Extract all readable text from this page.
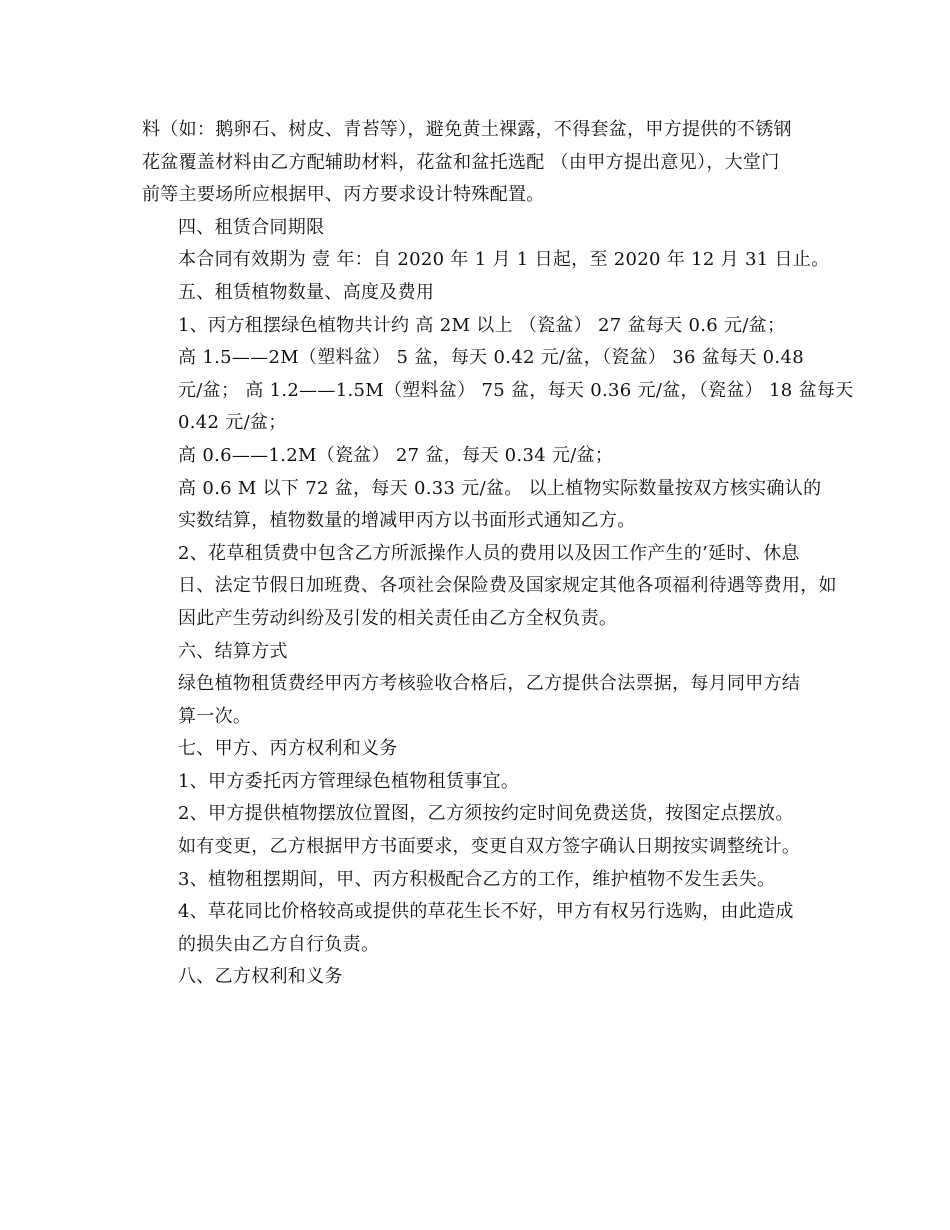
料（如：鹅卵石、树皮、青苔等），避免黄土裸露，不得套盆，甲方提供的不锈钢
花盆覆盖材料由乙方配辅助材料，花盆和盆托选配 （由甲方提出意见），大堂门
前等主要场所应根据甲、丙方要求设计特殊配置。

四、租赁合同期限

本合同有效期为 壹 年：自 2020 年 1 月 1 日起，至 2020 年 12 月 31 日止。

五、租赁植物数量、高度及费用

1、丙方租摆绿色植物共计约 高 2M 以上 （瓷盆） 27 盆每天 0.6 元/盆；

高 1.5——2M（塑料盆） 5 盆，每天 0.42 元/盆，（瓷盆） 36 盆每天 0.48
元/盆； 高 1.2——1.5M（塑料盆） 75 盆，每天 0.36 元/盆，（瓷盆） 18 盆每天
0.42 元/盆；

高 0.6——1.2M（瓷盆） 27 盆，每天 0.34 元/盆；

高 0.6 M 以下 72 盆，每天 0.33 元/盆。 以上植物实际数量按双方核实确认的
实数结算，植物数量的增减甲丙方以书面形式通知乙方。

2、花草租赁费中包含乙方所派操作人员的费用以及因工作产生的’延时、休息
日、法定节假日加班费、各项社会保险费及国家规定其他各项福利待遇等费用，如
因此产生劳动纠纷及引发的相关责任由乙方全权负责。

六、结算方式

绿色植物租赁费经甲丙方考核验收合格后，乙方提供合法票据，每月同甲方结
算一次。

七、甲方、丙方权利和义务

1、甲方委托丙方管理绿色植物租赁事宜。

2、甲方提供植物摆放位置图，乙方须按约定时间免费送货，按图定点摆放。
如有变更，乙方根据甲方书面要求，变更自双方签字确认日期按实调整统计。

3、植物租摆期间，甲、丙方积极配合乙方的工作，维护植物不发生丢失。

4、草花同比价格较高或提供的草花生长不好，甲方有权另行选购，由此造成
的损失由乙方自行负责。

八、乙方权利和义务
